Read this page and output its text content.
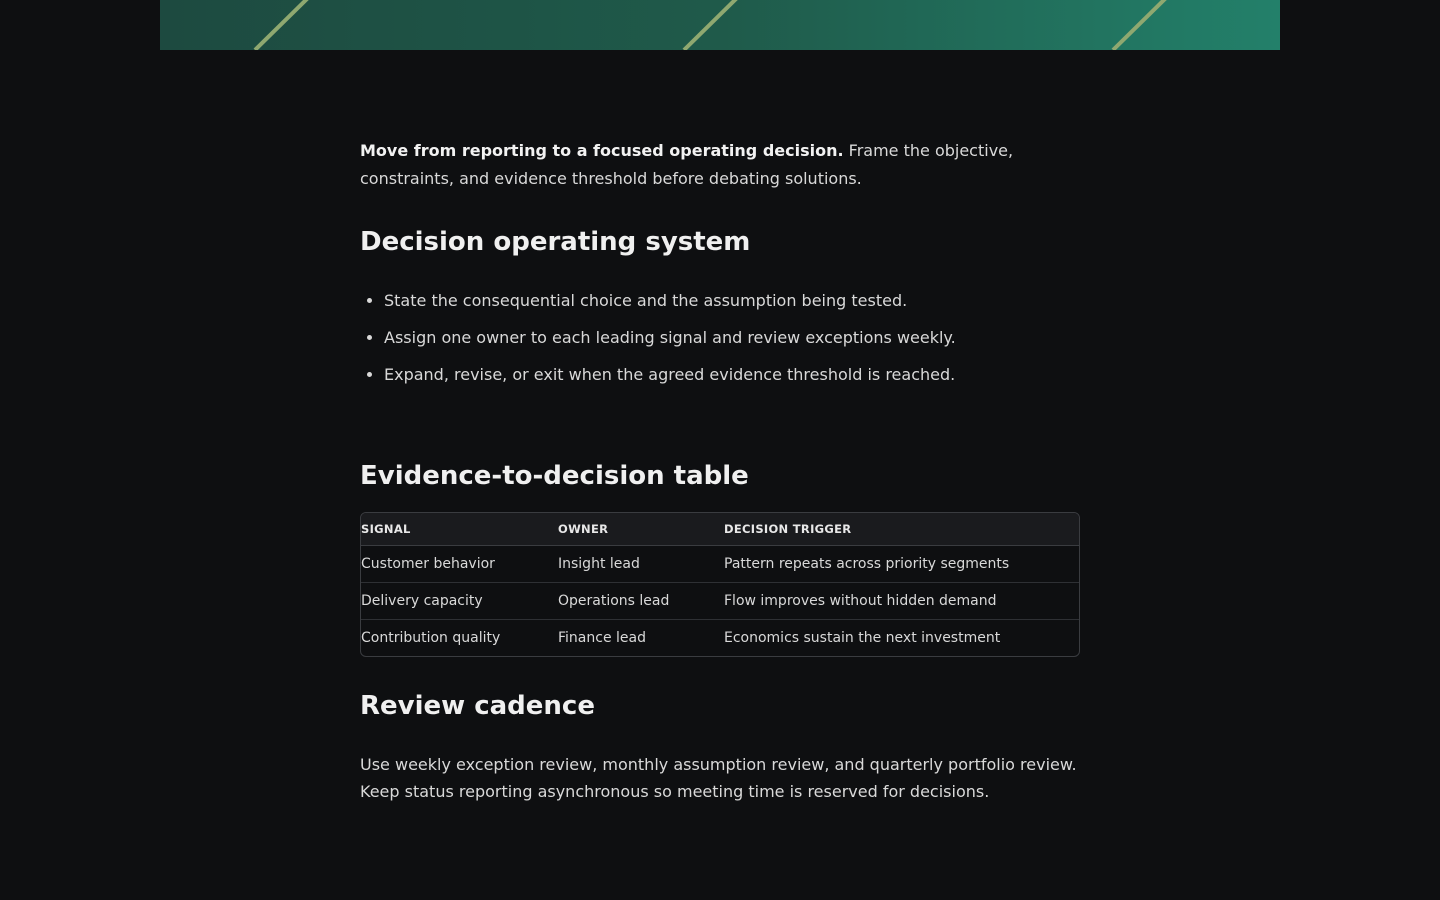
Move from reporting to a focused operating decision. Frame the objective, constraints, and evidence threshold before debating solutions.

Decision operating system
• State the consequential choice and the assumption being tested.
• Assign one owner to each leading signal and review exceptions weekly.
• Expand, revise, or exit when the agreed evidence threshold is reached.
Evidence-to-decision table
SIGNAL	OWNER	DECISION TRIGGER
Customer behavior	Insight lead	Pattern repeats across priority segments
Delivery capacity	Operations lead	Flow improves without hidden demand
Contribution quality	Finance lead	Economics sustain the next investment
Review cadence

Use weekly exception review, monthly assumption review, and quarterly portfolio review. Keep status reporting asynchronous so meeting time is reserved for decisions.
